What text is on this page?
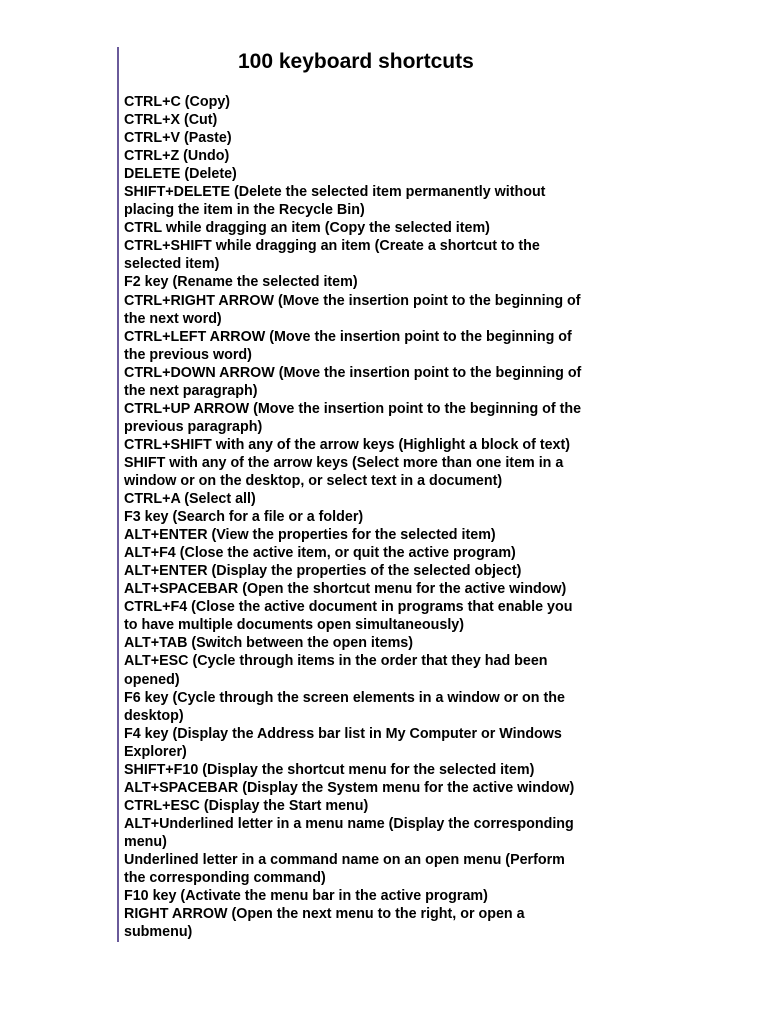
100 keyboard shortcuts
CTRL+C (Copy)
CTRL+X (Cut)
CTRL+V (Paste)
CTRL+Z (Undo)
DELETE (Delete)
SHIFT+DELETE (Delete the selected item permanently without
placing the item in the Recycle Bin)
CTRL while dragging an item (Copy the selected item)
CTRL+SHIFT while dragging an item (Create a shortcut to the
selected item)
F2 key (Rename the selected item)
CTRL+RIGHT ARROW (Move the insertion point to the beginning of
the next word)
CTRL+LEFT ARROW (Move the insertion point to the beginning of
the previous word)
CTRL+DOWN ARROW (Move the insertion point to the beginning of
the next paragraph)
CTRL+UP ARROW (Move the insertion point to the beginning of the
previous paragraph)
CTRL+SHIFT with any of the arrow keys (Highlight a block of text)
SHIFT with any of the arrow keys (Select more than one item in a
window or on the desktop, or select text in a document)
CTRL+A (Select all)
F3 key (Search for a file or a folder)
ALT+ENTER (View the properties for the selected item)
ALT+F4 (Close the active item, or quit the active program)
ALT+ENTER (Display the properties of the selected object)
ALT+SPACEBAR (Open the shortcut menu for the active window)
CTRL+F4 (Close the active document in programs that enable you
to have multiple documents open simultaneously)
ALT+TAB (Switch between the open items)
ALT+ESC (Cycle through items in the order that they had been
opened)
F6 key (Cycle through the screen elements in a window or on the
desktop)
F4 key (Display the Address bar list in My Computer or Windows
Explorer)
SHIFT+F10 (Display the shortcut menu for the selected item)
ALT+SPACEBAR (Display the System menu for the active window)
CTRL+ESC (Display the Start menu)
ALT+Underlined letter in a menu name (Display the corresponding
menu)
Underlined letter in a command name on an open menu (Perform
the corresponding command)
F10 key (Activate the menu bar in the active program)
RIGHT ARROW (Open the next menu to the right, or open a
submenu)
